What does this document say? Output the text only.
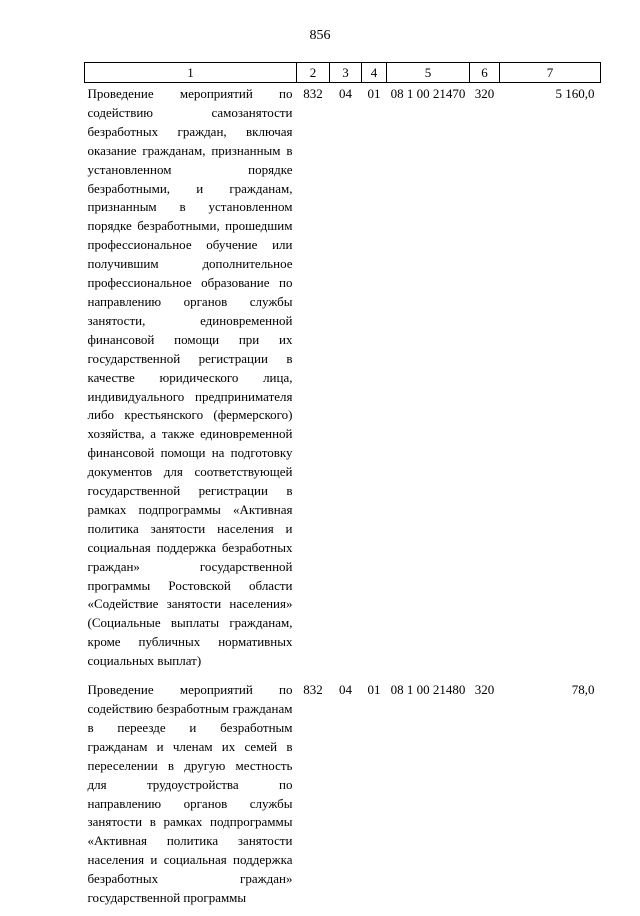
856
1	2	3	4	5	6	7
Проведение мероприятий по содействию самозанятости безработных граждан, включая оказание гражданам, признанным в установленном порядке безработными, и гражданам, признанным в установленном порядке безработными, прошедшим профессиональное обучение или получившим дополнительное профессиональное образование по направлению органов службы занятости, единовременной финансовой помощи при их государственной регистрации в качестве юридического лица, индивидуального предпринимателя либо крестьянского (фермерского) хозяйства, а также единовременной финансовой помощи на подготовку документов для соответствующей государственной регистрации в рамках подпрограммы «Активная политика занятости населения и социальная поддержка безработных граждан» государственной программы Ростовской области «Содействие занятости населения» (Социальные выплаты гражданам, кроме публичных нормативных социальных выплат)	832	04	01	08 1 00 21470	320	5 160,0
Проведение мероприятий по содействию безработным гражданам в переезде и безработным гражданам и членам их семей в переселении в другую местность для трудоустройства по направлению органов службы занятости в рамках подпрограммы «Активная политика занятости населения и социальная поддержка безработных граждан» государственной программы	832	04	01	08 1 00 21480	320	78,0
